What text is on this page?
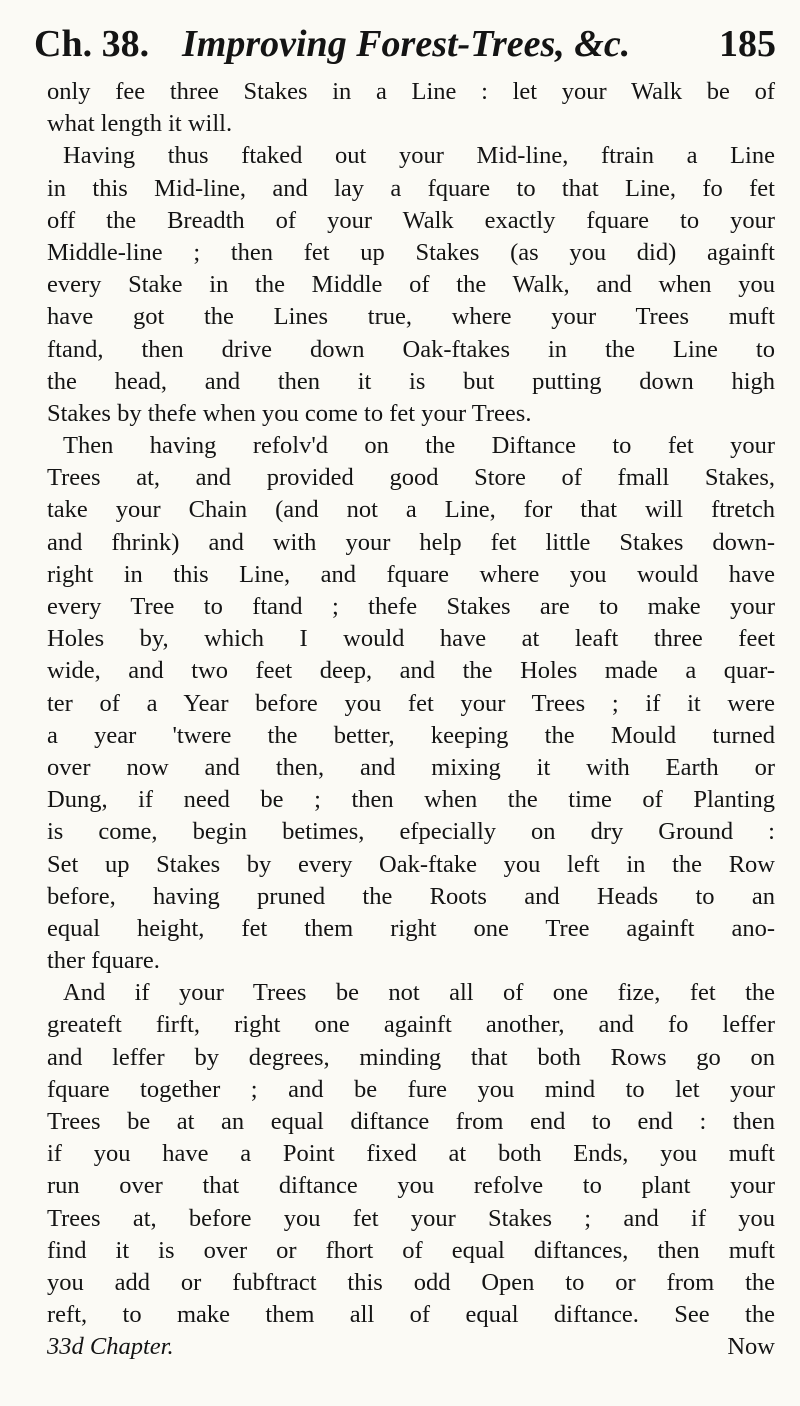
Ch. 38. Improving Forest-Trees, &c. 185
only fee three Stakes in a Line : let your Walk be of
what length it will.
Having thus ftaked out your Mid-line, ftrain a Line
in this Mid-line, and lay a fquare to that Line, fo fet
off the Breadth of your Walk exactly fquare to your
Middle-line ; then fet up Stakes (as you did) againft
every Stake in the Middle of the Walk, and when you
have got the Lines true, where your Trees muft
ftand, then drive down Oak-ftakes in the Line to
the head, and then it is but putting down high
Stakes by thefe when you come to fet your Trees.
Then having refolv'd on the Diftance to fet your
Trees at, and provided good Store of fmall Stakes,
take your Chain (and not a Line, for that will ftretch
and fhrink) and with your help fet little Stakes down-
right in this Line, and fquare where you would have
every Tree to ftand ; thefe Stakes are to make your
Holes by, which I would have at leaft three feet
wide, and two feet deep, and the Holes made a quar-
ter of a Year before you fet your Trees ; if it were
a year 'twere the better, keeping the Mould turned
over now and then, and mixing it with Earth or
Dung, if need be ; then when the time of Planting
is come, begin betimes, efpecially on dry Ground :
Set up Stakes by every Oak-ftake you left in the Row
before, having pruned the Roots and Heads to an
equal height, fet them right one Tree againft ano-
ther fquare.
And if your Trees be not all of one fize, fet the
greateft firft, right one againft another, and fo leffer
and leffer by degrees, minding that both Rows go on
fquare together ; and be fure you mind to let your
Trees be at an equal diftance from end to end : then
if you have a Point fixed at both Ends, you muft
run over that diftance you refolve to plant your
Trees at, before you fet your Stakes ; and if you
find it is over or fhort of equal diftances, then muft
you add or fubftract this odd Open to or from the
reft, to make them all of equal diftance. See the
33d Chapter.	Now
